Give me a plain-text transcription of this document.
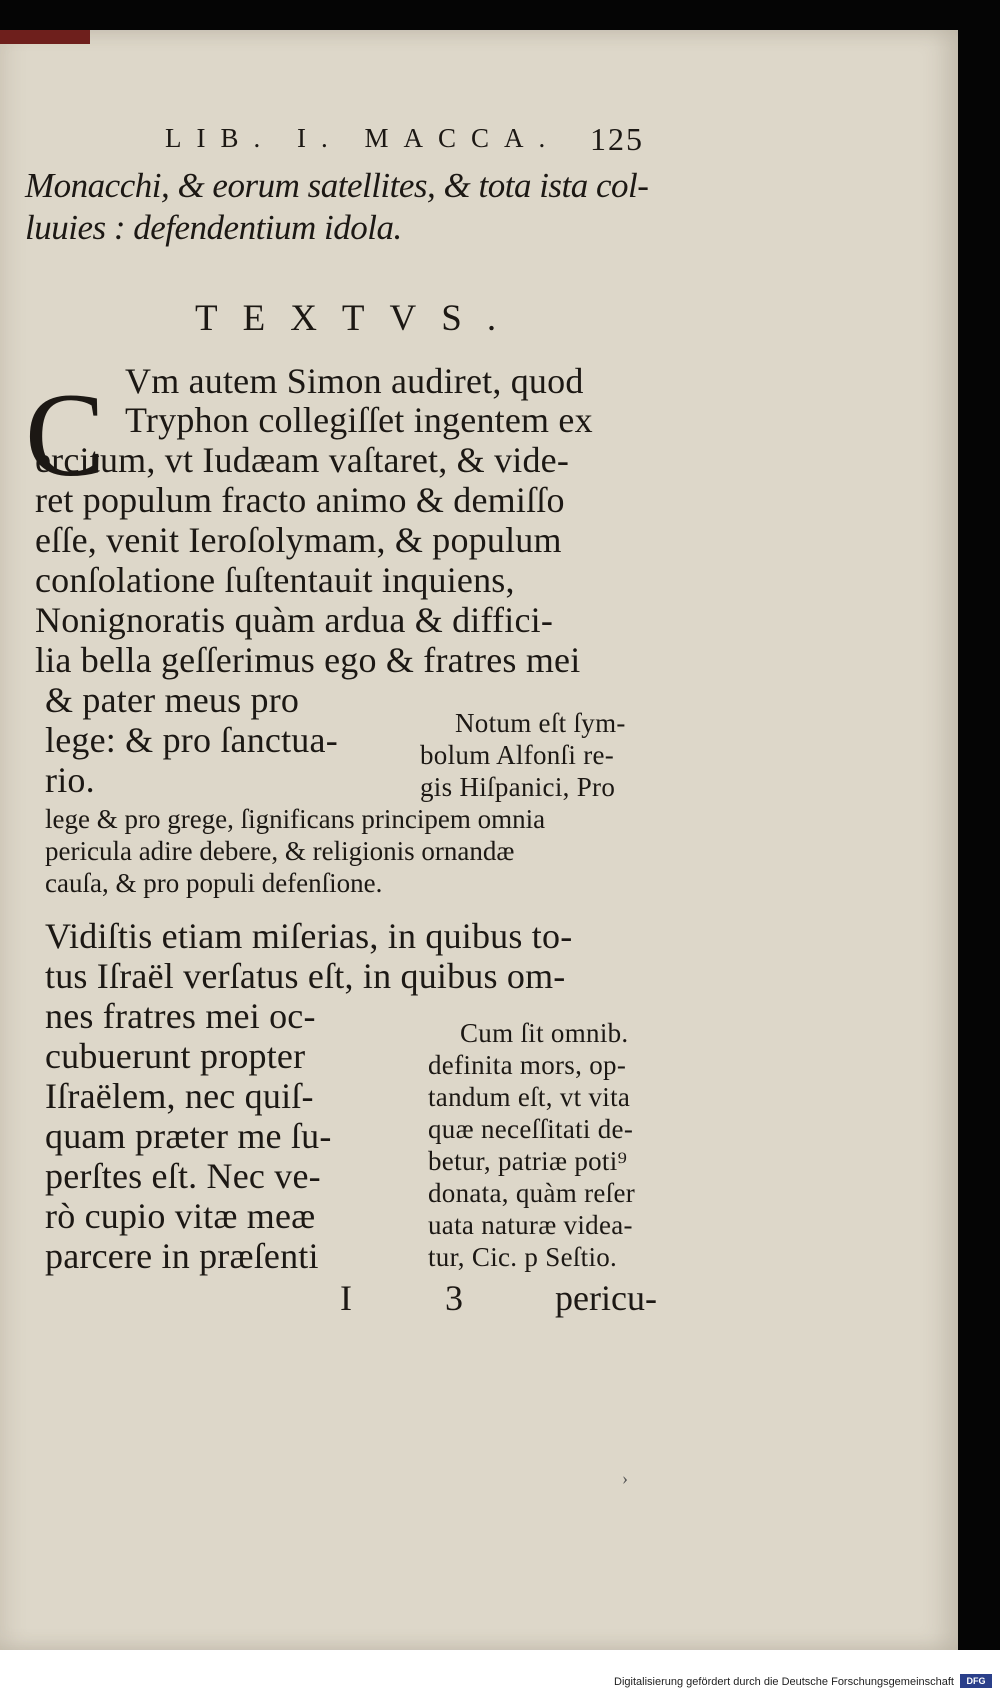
LIB. I. MACCA. 125
Monacchi, & eorum satellites, & tota ista col-
luuies : defendentium idola.
TEXTVS.
C Vm autem Simon audiret, quod
Tryphon collegiſſet ingentem ex
ercitum, vt Iudæam vaſtaret, & vide-
ret populum fracto animo & demiſſo
eſſe, venit Ieroſolymam, & populum
conſolatione ſuſtentauit inquiens,
Nonignoratis quàm ardua & diffici-
lia bella geſſerimus ego & fratres mei
& pater meus pro
lege: & pro ſanctua-
rio.
Notum eſt ſym-
bolum Alfonſi re-
gis Hiſpanici, Pro
lege & pro grege, ſignificans principem omnia
pericula adire debere, & religionis ornandæ
cauſa, & pro populi defenſione.
Vidiſtis etiam miſerias, in quibus to-
tus Iſraël verſatus eſt, in quibus om-
nes fratres mei oc-
cubuerunt propter
Iſraëlem, nec quiſ-
quam præter me ſu-
perſtes eſt. Nec ve-
rò cupio vitæ meæ
parcere in præſenti
Cum ſit omnib.
definita mors, op-
tandum eſt, vt vita
quæ neceſſitati de-
betur, patriæ poti⁹
donata, quàm reſer
uata naturæ videa-
tur, Cic. p Seſtio.
I 3 pericu-
›
Digitalisierung gefördert durch die Deutsche Forschungsgemeinschaft	DFG
